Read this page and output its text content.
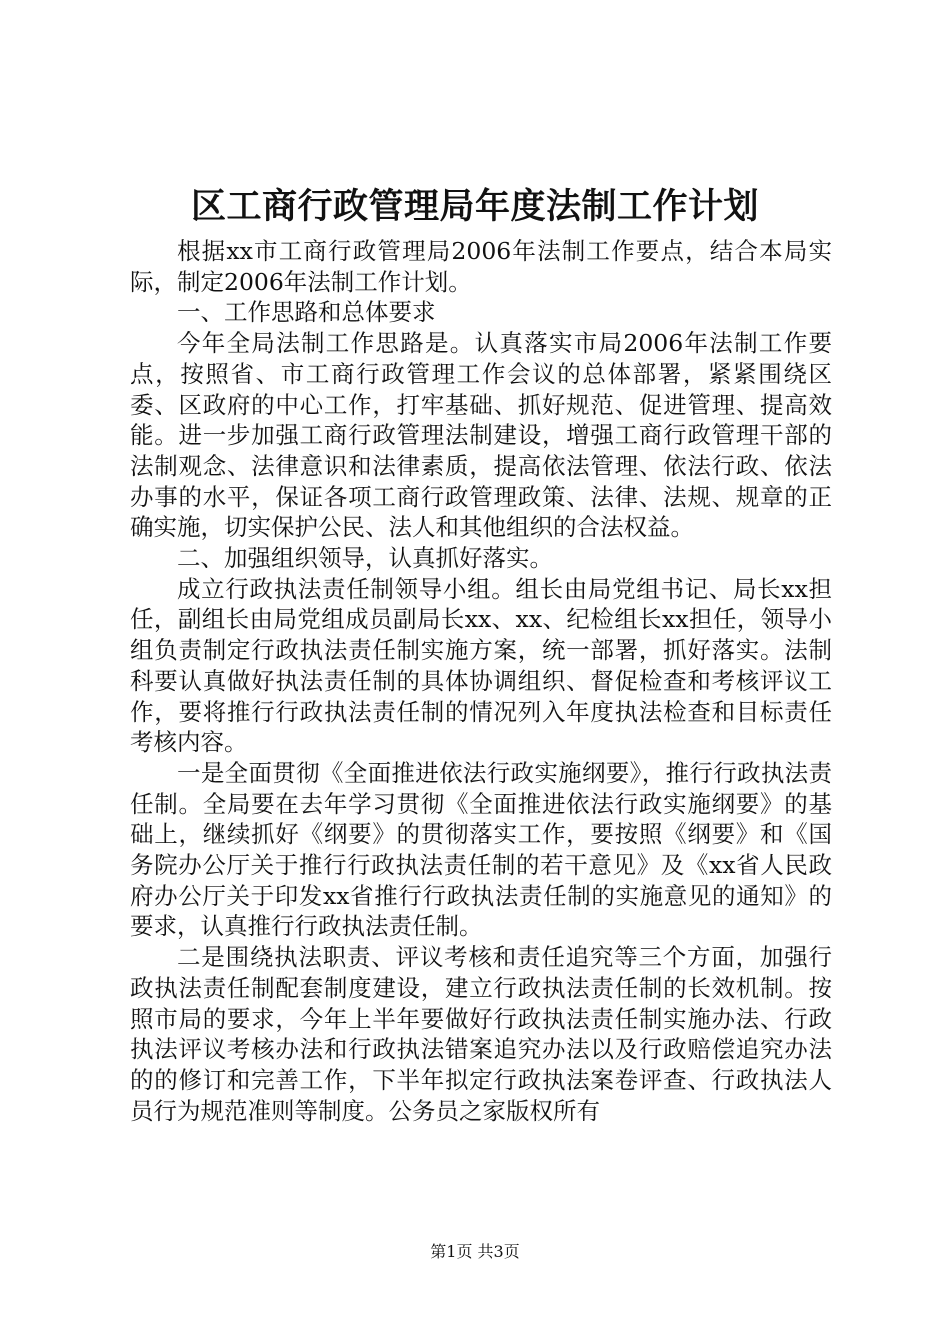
区工商行政管理局年度法制工作计划

根据xx市工商行政管理局2006年法制工作要点，结合本局实际，制定2006年法制工作计划。

一、工作思路和总体要求

今年全局法制工作思路是。认真落实市局2006年法制工作要点，按照省、市工商行政管理工作会议的总体部署，紧紧围绕区委、区政府的中心工作，打牢基础、抓好规范、促进管理、提高效能。进一步加强工商行政管理法制建设，增强工商行政管理干部的法制观念、法律意识和法律素质，提高依法管理、依法行政、依法办事的水平，保证各项工商行政管理政策、法律、法规、规章的正确实施，切实保护公民、法人和其他组织的合法权益。

二、加强组织领导，认真抓好落实。

成立行政执法责任制领导小组。组长由局党组书记、局长xx担任，副组长由局党组成员副局长xx、xx、纪检组长xx担任，领导小组负责制定行政执法责任制实施方案，统一部署，抓好落实。法制科要认真做好执法责任制的具体协调组织、督促检查和考核评议工作，要将推行行政执法责任制的情况列入年度执法检查和目标责任考核内容。

一是全面贯彻《全面推进依法行政实施纲要》，推行行政执法责任制。全局要在去年学习贯彻《全面推进依法行政实施纲要》的基础上，继续抓好《纲要》的贯彻落实工作，要按照《纲要》和《国务院办公厅关于推行行政执法责任制的若干意见》及《xx省人民政府办公厅关于印发xx省推行行政执法责任制的实施意见的通知》的要求，认真推行行政执法责任制。

二是围绕执法职责、评议考核和责任追究等三个方面，加强行政执法责任制配套制度建设，建立行政执法责任制的长效机制。按照市局的要求，今年上半年要做好行政执法责任制实施办法、行政执法评议考核办法和行政执法错案追究办法以及行政赔偿追究办法的的修订和完善工作，下半年拟定行政执法案卷评查、行政执法人员行为规范准则等制度。公务员之家版权所有

第1页 共3页
